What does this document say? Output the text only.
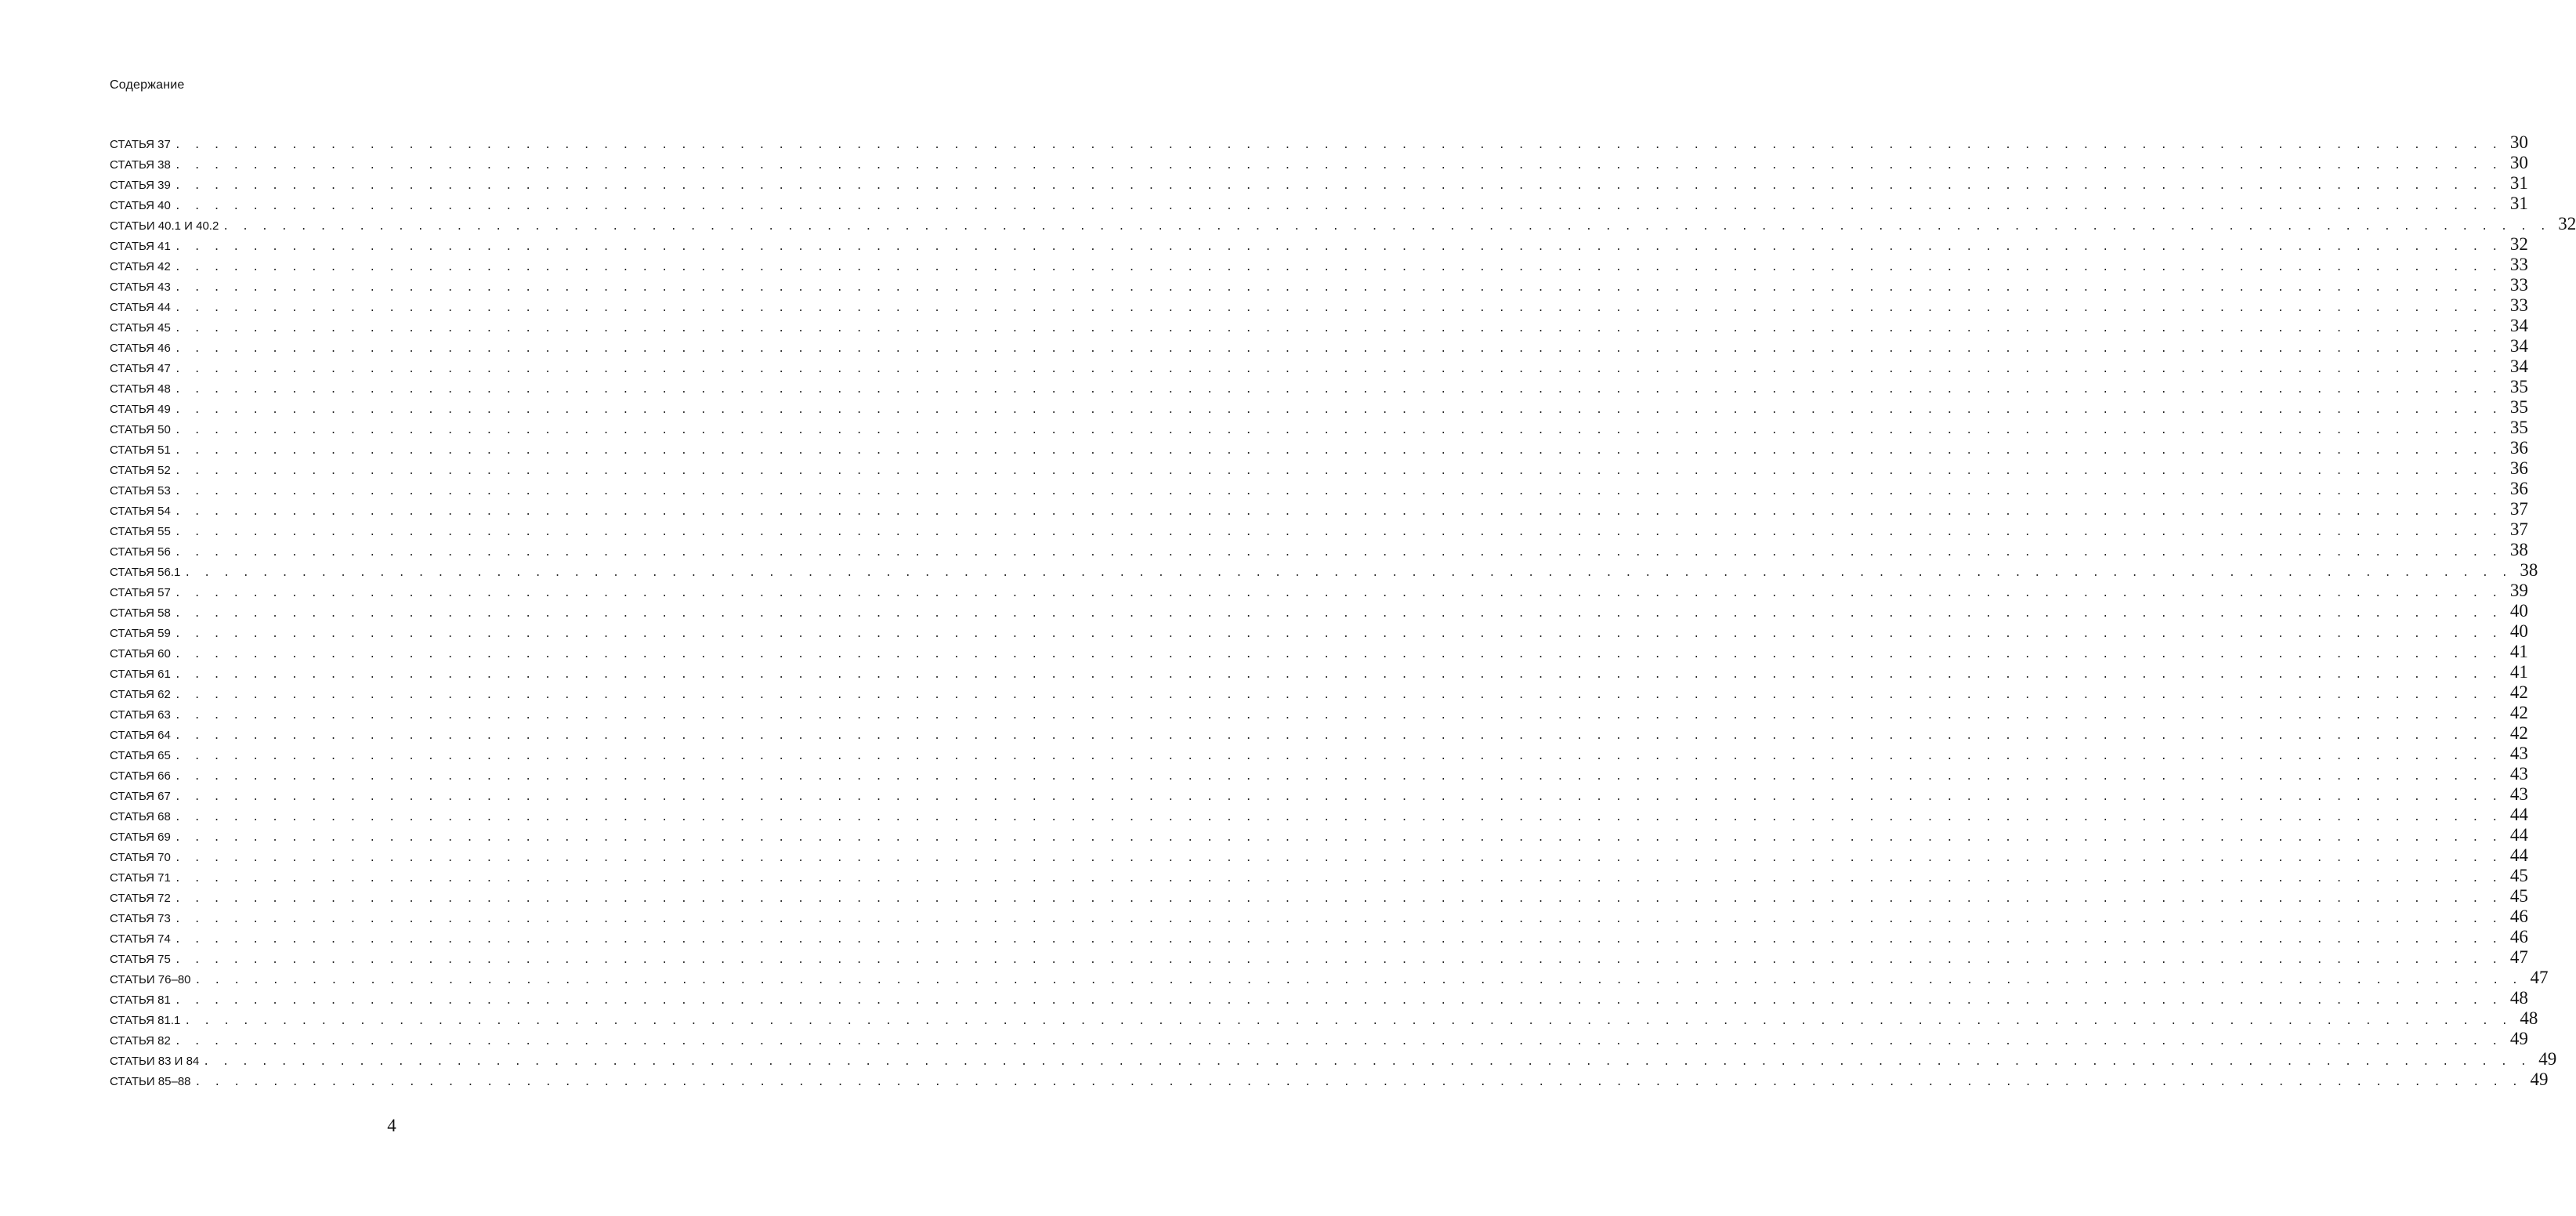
Содержание
СТАТЬЯ 37 . . . . . . . . . . . . . . . . . . . . . . . . . . . . . . . . . . . . . . . . . . . . . . . . . . . . . . . . . . . . . . . . . . . . . . . . . . . . . . . . . . . . . . . . . . . . . . . . . . . . . . . . . . . . . . . . . . . . . . . . 30
СТАТЬЯ 38 . . . . . . . . . . . . . . . . . . . . . . . . . . . . . . . . . . . . . . . . . . . . . . . . . . . . . . . . . . . . . . . . . . . . . . . . . . . . . . . . . . . . . . . . . . . . . . . . . . . . . . . . . . . . . . . . . . . . . . . . 30
СТАТЬЯ 39 . . . . . . . . . . . . . . . . . . . . . . . . . . . . . . . . . . . . . . . . . . . . . . . . . . . . . . . . . . . . . . . . . . . . . . . . . . . . . . . . . . . . . . . . . . . . . . . . . . . . . . . . . . . . . . . . . . . . . . . . 31
СТАТЬЯ 40 . . . . . . . . . . . . . . . . . . . . . . . . . . . . . . . . . . . . . . . . . . . . . . . . . . . . . . . . . . . . . . . . . . . . . . . . . . . . . . . . . . . . . . . . . . . . . . . . . . . . . . . . . . . . . . . . . . . . . . . . 31
СТАТЬИ 40.1 И 40.2 . . . . . . . . . . . . . . . . . . . . . . . . . . . . . . . . . . . . . . . . . . . . . . . . . . . . . . . . . . . . . . . . . . . . . . . . . . . . . . . . . . . . . . . . . . . . . . . . . . . . . . . . . . . . . . . . . . . . . . . . 32
СТАТЬЯ 41 . . . . . . . . . . . . . . . . . . . . . . . . . . . . . . . . . . . . . . . . . . . . . . . . . . . . . . . . . . . . . . . . . . . . . . . . . . . . . . . . . . . . . . . . . . . . . . . . . . . . . . . . . . . . . . . . . . . . . . . . 32
СТАТЬЯ 42 . . . . . . . . . . . . . . . . . . . . . . . . . . . . . . . . . . . . . . . . . . . . . . . . . . . . . . . . . . . . . . . . . . . . . . . . . . . . . . . . . . . . . . . . . . . . . . . . . . . . . . . . . . . . . . . . . . . . . . . . 33
СТАТЬЯ 43 . . . . . . . . . . . . . . . . . . . . . . . . . . . . . . . . . . . . . . . . . . . . . . . . . . . . . . . . . . . . . . . . . . . . . . . . . . . . . . . . . . . . . . . . . . . . . . . . . . . . . . . . . . . . . . . . . . . . . . . . 33
СТАТЬЯ 44 . . . . . . . . . . . . . . . . . . . . . . . . . . . . . . . . . . . . . . . . . . . . . . . . . . . . . . . . . . . . . . . . . . . . . . . . . . . . . . . . . . . . . . . . . . . . . . . . . . . . . . . . . . . . . . . . . . . . . . . . 33
СТАТЬЯ 45 . . . . . . . . . . . . . . . . . . . . . . . . . . . . . . . . . . . . . . . . . . . . . . . . . . . . . . . . . . . . . . . . . . . . . . . . . . . . . . . . . . . . . . . . . . . . . . . . . . . . . . . . . . . . . . . . . . . . . . . . 34
СТАТЬЯ 46 . . . . . . . . . . . . . . . . . . . . . . . . . . . . . . . . . . . . . . . . . . . . . . . . . . . . . . . . . . . . . . . . . . . . . . . . . . . . . . . . . . . . . . . . . . . . . . . . . . . . . . . . . . . . . . . . . . . . . . . . 34
СТАТЬЯ 47 . . . . . . . . . . . . . . . . . . . . . . . . . . . . . . . . . . . . . . . . . . . . . . . . . . . . . . . . . . . . . . . . . . . . . . . . . . . . . . . . . . . . . . . . . . . . . . . . . . . . . . . . . . . . . . . . . . . . . . . . 34
СТАТЬЯ 48 . . . . . . . . . . . . . . . . . . . . . . . . . . . . . . . . . . . . . . . . . . . . . . . . . . . . . . . . . . . . . . . . . . . . . . . . . . . . . . . . . . . . . . . . . . . . . . . . . . . . . . . . . . . . . . . . . . . . . . . . 35
СТАТЬЯ 49 . . . . . . . . . . . . . . . . . . . . . . . . . . . . . . . . . . . . . . . . . . . . . . . . . . . . . . . . . . . . . . . . . . . . . . . . . . . . . . . . . . . . . . . . . . . . . . . . . . . . . . . . . . . . . . . . . . . . . . . . 35
СТАТЬЯ 50 . . . . . . . . . . . . . . . . . . . . . . . . . . . . . . . . . . . . . . . . . . . . . . . . . . . . . . . . . . . . . . . . . . . . . . . . . . . . . . . . . . . . . . . . . . . . . . . . . . . . . . . . . . . . . . . . . . . . . . . . 35
СТАТЬЯ 51 . . . . . . . . . . . . . . . . . . . . . . . . . . . . . . . . . . . . . . . . . . . . . . . . . . . . . . . . . . . . . . . . . . . . . . . . . . . . . . . . . . . . . . . . . . . . . . . . . . . . . . . . . . . . . . . . . . . . . . . . 36
СТАТЬЯ 52 . . . . . . . . . . . . . . . . . . . . . . . . . . . . . . . . . . . . . . . . . . . . . . . . . . . . . . . . . . . . . . . . . . . . . . . . . . . . . . . . . . . . . . . . . . . . . . . . . . . . . . . . . . . . . . . . . . . . . . . . 36
СТАТЬЯ 53 . . . . . . . . . . . . . . . . . . . . . . . . . . . . . . . . . . . . . . . . . . . . . . . . . . . . . . . . . . . . . . . . . . . . . . . . . . . . . . . . . . . . . . . . . . . . . . . . . . . . . . . . . . . . . . . . . . . . . . . . 36
СТАТЬЯ 54 . . . . . . . . . . . . . . . . . . . . . . . . . . . . . . . . . . . . . . . . . . . . . . . . . . . . . . . . . . . . . . . . . . . . . . . . . . . . . . . . . . . . . . . . . . . . . . . . . . . . . . . . . . . . . . . . . . . . . . . . 37
СТАТЬЯ 55 . . . . . . . . . . . . . . . . . . . . . . . . . . . . . . . . . . . . . . . . . . . . . . . . . . . . . . . . . . . . . . . . . . . . . . . . . . . . . . . . . . . . . . . . . . . . . . . . . . . . . . . . . . . . . . . . . . . . . . . . 37
СТАТЬЯ 56 . . . . . . . . . . . . . . . . . . . . . . . . . . . . . . . . . . . . . . . . . . . . . . . . . . . . . . . . . . . . . . . . . . . . . . . . . . . . . . . . . . . . . . . . . . . . . . . . . . . . . . . . . . . . . . . . . . . . . . . . 38
СТАТЬЯ 56.1 . . . . . . . . . . . . . . . . . . . . . . . . . . . . . . . . . . . . . . . . . . . . . . . . . . . . . . . . . . . . . . . . . . . . . . . . . . . . . . . . . . . . . . . . . . . . . . . . . . . . . . . . . . . . . . . . . . . . . . . . 38
СТАТЬЯ 57 . . . . . . . . . . . . . . . . . . . . . . . . . . . . . . . . . . . . . . . . . . . . . . . . . . . . . . . . . . . . . . . . . . . . . . . . . . . . . . . . . . . . . . . . . . . . . . . . . . . . . . . . . . . . . . . . . . . . . . . . 39
СТАТЬЯ 58 . . . . . . . . . . . . . . . . . . . . . . . . . . . . . . . . . . . . . . . . . . . . . . . . . . . . . . . . . . . . . . . . . . . . . . . . . . . . . . . . . . . . . . . . . . . . . . . . . . . . . . . . . . . . . . . . . . . . . . . . 40
СТАТЬЯ 59 . . . . . . . . . . . . . . . . . . . . . . . . . . . . . . . . . . . . . . . . . . . . . . . . . . . . . . . . . . . . . . . . . . . . . . . . . . . . . . . . . . . . . . . . . . . . . . . . . . . . . . . . . . . . . . . . . . . . . . . . 40
СТАТЬЯ 60 . . . . . . . . . . . . . . . . . . . . . . . . . . . . . . . . . . . . . . . . . . . . . . . . . . . . . . . . . . . . . . . . . . . . . . . . . . . . . . . . . . . . . . . . . . . . . . . . . . . . . . . . . . . . . . . . . . . . . . . . 41
СТАТЬЯ 61 . . . . . . . . . . . . . . . . . . . . . . . . . . . . . . . . . . . . . . . . . . . . . . . . . . . . . . . . . . . . . . . . . . . . . . . . . . . . . . . . . . . . . . . . . . . . . . . . . . . . . . . . . . . . . . . . . . . . . . . . 41
СТАТЬЯ 62 . . . . . . . . . . . . . . . . . . . . . . . . . . . . . . . . . . . . . . . . . . . . . . . . . . . . . . . . . . . . . . . . . . . . . . . . . . . . . . . . . . . . . . . . . . . . . . . . . . . . . . . . . . . . . . . . . . . . . . . . 42
СТАТЬЯ 63 . . . . . . . . . . . . . . . . . . . . . . . . . . . . . . . . . . . . . . . . . . . . . . . . . . . . . . . . . . . . . . . . . . . . . . . . . . . . . . . . . . . . . . . . . . . . . . . . . . . . . . . . . . . . . . . . . . . . . . . . 42
СТАТЬЯ 64 . . . . . . . . . . . . . . . . . . . . . . . . . . . . . . . . . . . . . . . . . . . . . . . . . . . . . . . . . . . . . . . . . . . . . . . . . . . . . . . . . . . . . . . . . . . . . . . . . . . . . . . . . . . . . . . . . . . . . . . . 42
СТАТЬЯ 65 . . . . . . . . . . . . . . . . . . . . . . . . . . . . . . . . . . . . . . . . . . . . . . . . . . . . . . . . . . . . . . . . . . . . . . . . . . . . . . . . . . . . . . . . . . . . . . . . . . . . . . . . . . . . . . . . . . . . . . . . 43
СТАТЬЯ 66 . . . . . . . . . . . . . . . . . . . . . . . . . . . . . . . . . . . . . . . . . . . . . . . . . . . . . . . . . . . . . . . . . . . . . . . . . . . . . . . . . . . . . . . . . . . . . . . . . . . . . . . . . . . . . . . . . . . . . . . . 43
СТАТЬЯ 67 . . . . . . . . . . . . . . . . . . . . . . . . . . . . . . . . . . . . . . . . . . . . . . . . . . . . . . . . . . . . . . . . . . . . . . . . . . . . . . . . . . . . . . . . . . . . . . . . . . . . . . . . . . . . . . . . . . . . . . . . 43
СТАТЬЯ 68 . . . . . . . . . . . . . . . . . . . . . . . . . . . . . . . . . . . . . . . . . . . . . . . . . . . . . . . . . . . . . . . . . . . . . . . . . . . . . . . . . . . . . . . . . . . . . . . . . . . . . . . . . . . . . . . . . . . . . . . . 44
СТАТЬЯ 69 . . . . . . . . . . . . . . . . . . . . . . . . . . . . . . . . . . . . . . . . . . . . . . . . . . . . . . . . . . . . . . . . . . . . . . . . . . . . . . . . . . . . . . . . . . . . . . . . . . . . . . . . . . . . . . . . . . . . . . . . 44
СТАТЬЯ 70 . . . . . . . . . . . . . . . . . . . . . . . . . . . . . . . . . . . . . . . . . . . . . . . . . . . . . . . . . . . . . . . . . . . . . . . . . . . . . . . . . . . . . . . . . . . . . . . . . . . . . . . . . . . . . . . . . . . . . . . . 44
СТАТЬЯ 71 . . . . . . . . . . . . . . . . . . . . . . . . . . . . . . . . . . . . . . . . . . . . . . . . . . . . . . . . . . . . . . . . . . . . . . . . . . . . . . . . . . . . . . . . . . . . . . . . . . . . . . . . . . . . . . . . . . . . . . . . 45
СТАТЬЯ 72 . . . . . . . . . . . . . . . . . . . . . . . . . . . . . . . . . . . . . . . . . . . . . . . . . . . . . . . . . . . . . . . . . . . . . . . . . . . . . . . . . . . . . . . . . . . . . . . . . . . . . . . . . . . . . . . . . . . . . . . . 45
СТАТЬЯ 73 . . . . . . . . . . . . . . . . . . . . . . . . . . . . . . . . . . . . . . . . . . . . . . . . . . . . . . . . . . . . . . . . . . . . . . . . . . . . . . . . . . . . . . . . . . . . . . . . . . . . . . . . . . . . . . . . . . . . . . . . 46
СТАТЬЯ 74 . . . . . . . . . . . . . . . . . . . . . . . . . . . . . . . . . . . . . . . . . . . . . . . . . . . . . . . . . . . . . . . . . . . . . . . . . . . . . . . . . . . . . . . . . . . . . . . . . . . . . . . . . . . . . . . . . . . . . . . . 46
СТАТЬЯ 75 . . . . . . . . . . . . . . . . . . . . . . . . . . . . . . . . . . . . . . . . . . . . . . . . . . . . . . . . . . . . . . . . . . . . . . . . . . . . . . . . . . . . . . . . . . . . . . . . . . . . . . . . . . . . . . . . . . . . . . . . 47
СТАТЬИ 76–80 . . . . . . . . . . . . . . . . . . . . . . . . . . . . . . . . . . . . . . . . . . . . . . . . . . . . . . . . . . . . . . . . . . . . . . . . . . . . . . . . . . . . . . . . . . . . . . . . . . . . . . . . . . . . . . . . . . . . . . . . 47
СТАТЬЯ 81 . . . . . . . . . . . . . . . . . . . . . . . . . . . . . . . . . . . . . . . . . . . . . . . . . . . . . . . . . . . . . . . . . . . . . . . . . . . . . . . . . . . . . . . . . . . . . . . . . . . . . . . . . . . . . . . . . . . . . . . . 48
СТАТЬЯ 81.1 . . . . . . . . . . . . . . . . . . . . . . . . . . . . . . . . . . . . . . . . . . . . . . . . . . . . . . . . . . . . . . . . . . . . . . . . . . . . . . . . . . . . . . . . . . . . . . . . . . . . . . . . . . . . . . . . . . . . . . . . 48
СТАТЬЯ 82 . . . . . . . . . . . . . . . . . . . . . . . . . . . . . . . . . . . . . . . . . . . . . . . . . . . . . . . . . . . . . . . . . . . . . . . . . . . . . . . . . . . . . . . . . . . . . . . . . . . . . . . . . . . . . . . . . . . . . . . . 49
СТАТЬИ 83 И 84 . . . . . . . . . . . . . . . . . . . . . . . . . . . . . . . . . . . . . . . . . . . . . . . . . . . . . . . . . . . . . . . . . . . . . . . . . . . . . . . . . . . . . . . . . . . . . . . . . . . . . . . . . . . . . . . . . . . . . . . . 49
СТАТЬИ 85–88 . . . . . . . . . . . . . . . . . . . . . . . . . . . . . . . . . . . . . . . . . . . . . . . . . . . . . . . . . . . . . . . . . . . . . . . . . . . . . . . . . . . . . . . . . . . . . . . . . . . . . . . . . . . . . . . . . . . . . . . . 49
4
